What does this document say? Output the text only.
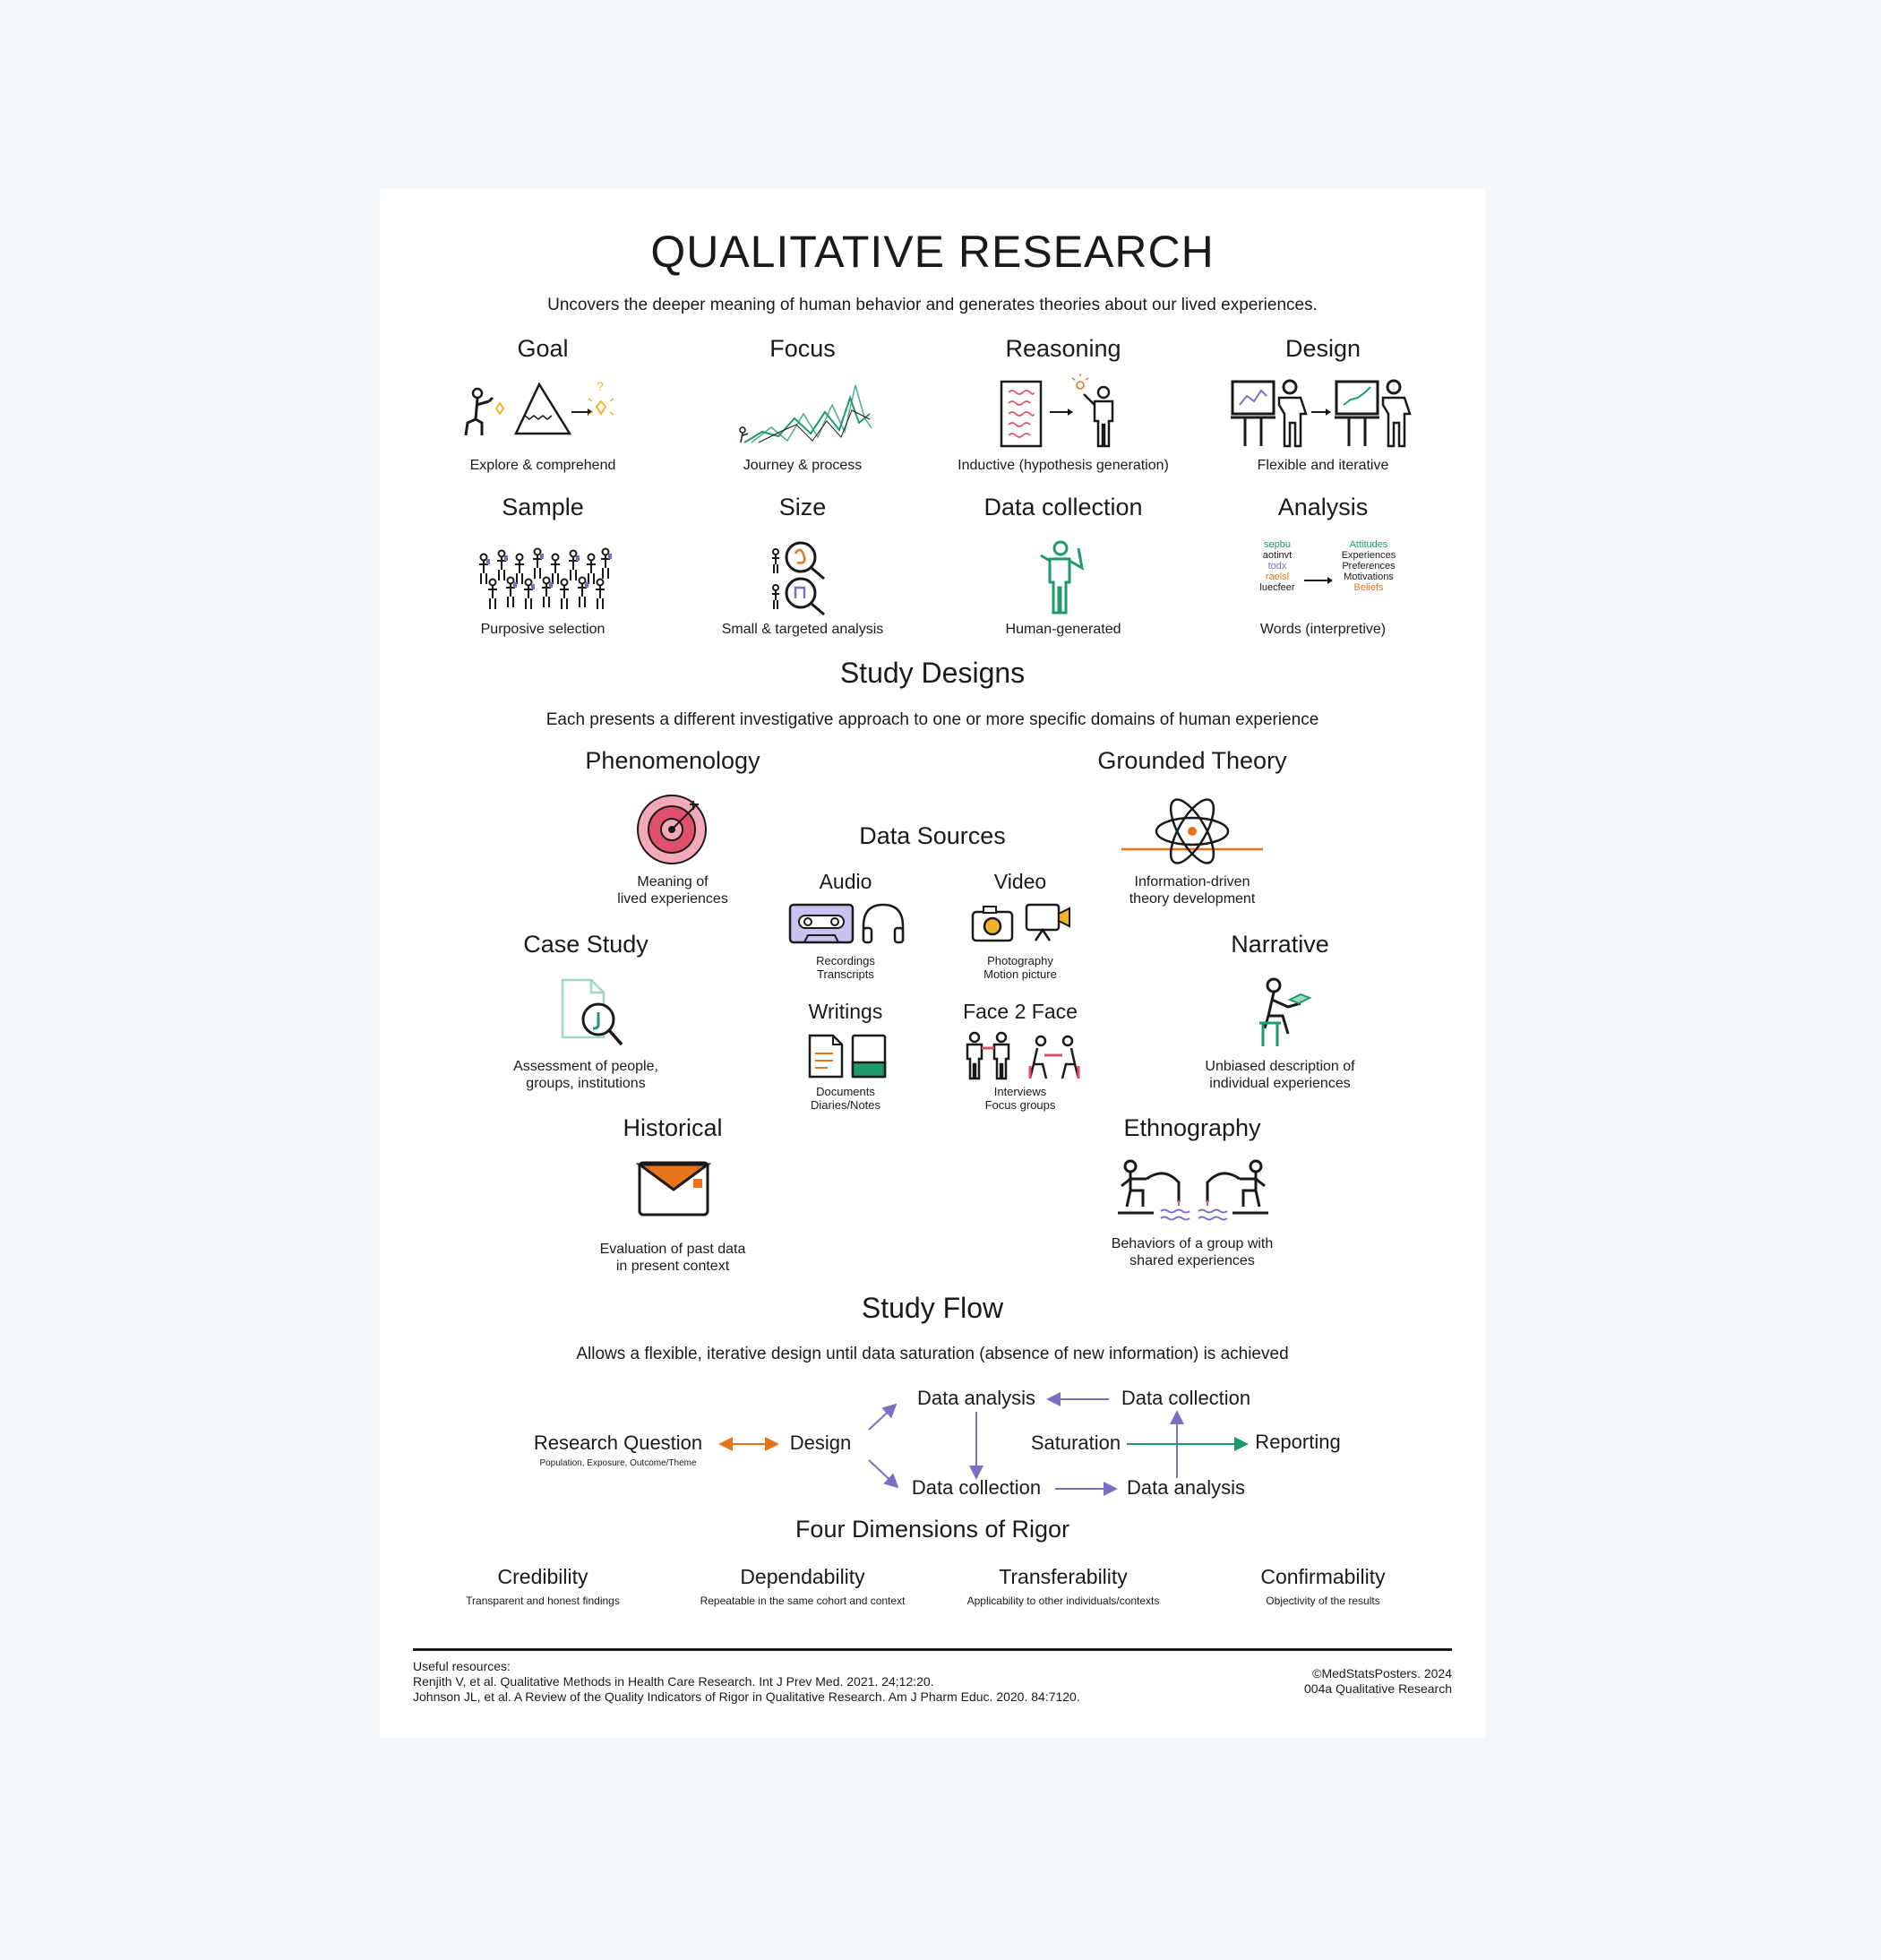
QUALITATIVE RESEARCH
Uncovers the deeper meaning of human behavior and generates theories about our lived experiences.
Goal	Focus	Reasoning	Design
?
Explore & comprehend	Journey & process	Inductive (hypothesis generation)	Flexible and iterative
Sample	Size	Data collection	Analysis
Purposive selection	Small & targeted analysis	Human-generated
sepbu
aotinvt
todx
raelsl
luecfeer
Attitudes
Experiences
Preferences
Motivations
Beliefs
Words (interpretive)
Study Designs
Each presents a different investigative approach to one or more specific domains of human experience
Phenomenology
Meaning of
lived experiences
Grounded Theory
Information-driven
theory development
Case Study
Assessment of people,
groups, institutions
Narrative
Unbiased description of
individual experiences
Historical
Evaluation of past data
in present context
Ethnography
Behaviors of a group with
shared experiences
Data Sources
Audio
Recordings
Transcripts
Video
Photography
Motion picture
Writings
Documents
Diaries/Notes
Face 2 Face
Interviews
Focus groups
Study Flow
Allows a flexible, iterative design until data saturation (absence of new information) is achieved
Research Question
Population, Exposure, Outcome/Theme
Design
Data analysis	Data collection
Saturation	Reporting
Data collection	Data analysis
Four Dimensions of Rigor
Credibility
Transparent and honest findings
Dependability
Repeatable in the same cohort and context
Transferability
Applicability to other individuals/contexts
Confirmability
Objectivity of the results
Useful resources:
Renjith V, et al. Qualitative Methods in Health Care Research. Int J Prev Med. 2021. 24;12:20.
Johnson JL, et al. A Review of the Quality Indicators of Rigor in Qualitative Research. Am J Pharm Educ. 2020. 84:7120.
©MedStatsPosters. 2024
004a Qualitative Research
